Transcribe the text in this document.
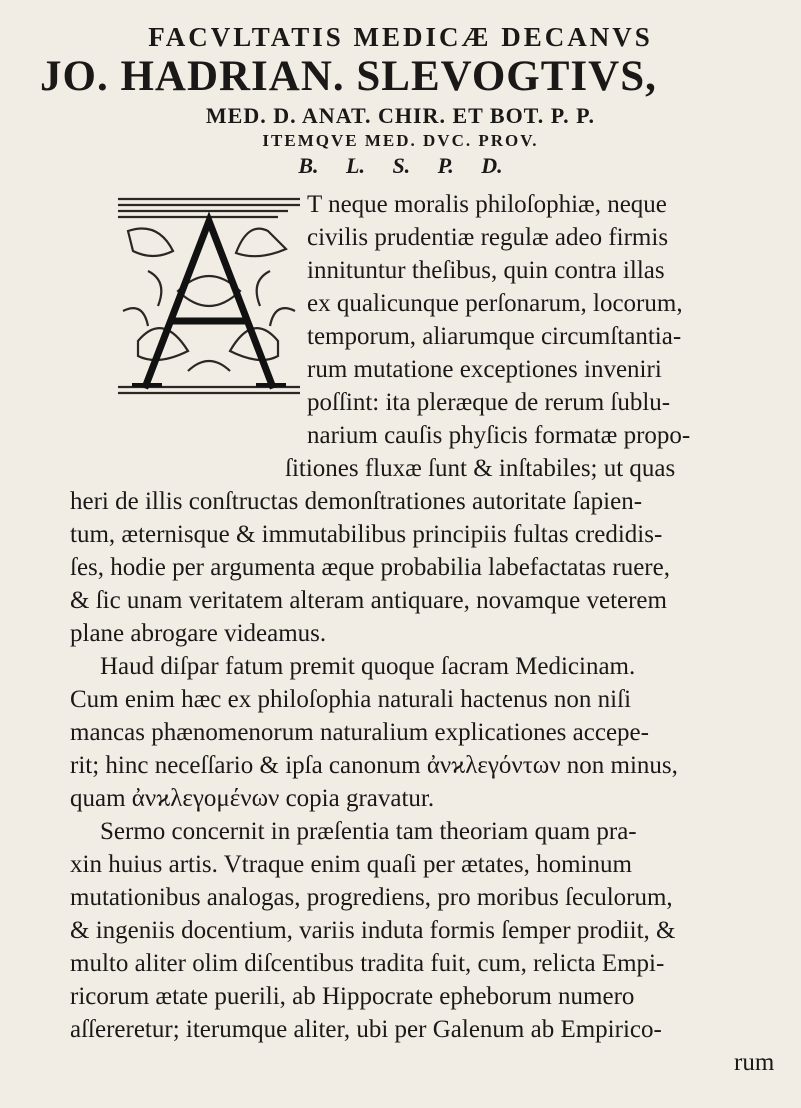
FACVLTATIS MEDICÆ DECANVS
JO. HADRIAN. SLEVOGTIVS,
MED. D. ANAT. CHIR. ET BOT. P. P.
ITEMQVE MED. DVC. PROV.
B. L. S. P. D.
T neque moralis philoſophiæ, neque
civilis prudentiæ regulæ adeo firmis
innituntur theſibus, quin contra illas
ex qualicunque perſonarum, locorum,
temporum, aliarumque circumſtantia-
rum mutatione exceptiones inveniri
poſſint: ita pleræque de rerum ſublu-
narium cauſis phyſicis formatæ propo-
ſitiones fluxæ ſunt & inſtabiles; ut quas
heri de illis conſtructas demonſtrationes autoritate ſapien-
tum, æternisque & immutabilibus principiis fultas credidis-
ſes, hodie per argumenta æque probabilia labefactatas ruere,
& ſic unam veritatem alteram antiquare, novamque veterem
plane abrogare videamus.
Haud diſpar fatum premit quoque ſacram Medicinam.
Cum enim hæc ex philoſophia naturali hactenus non niſi
mancas phænomenorum naturalium explicationes accepe-
rit; hinc neceſſario & ipſa canonum ἀνϰλεγόντων non minus,
quam ἀνϰλεγομένων copia gravatur.
Sermo concernit in præſentia tam theoriam quam pra-
xin huius artis. Vtraque enim quaſi per ætates, hominum
mutationibus analogas, progrediens, pro moribus ſeculorum,
& ingeniis docentium, variis induta formis ſemper prodiit, &
multo aliter olim diſcentibus tradita fuit, cum, relicta Empi-
ricorum ætate puerili, ab Hippocrate epheborum numero
aſſereretur; iterumque aliter, ubi per Galenum ab Empirico-
rum
